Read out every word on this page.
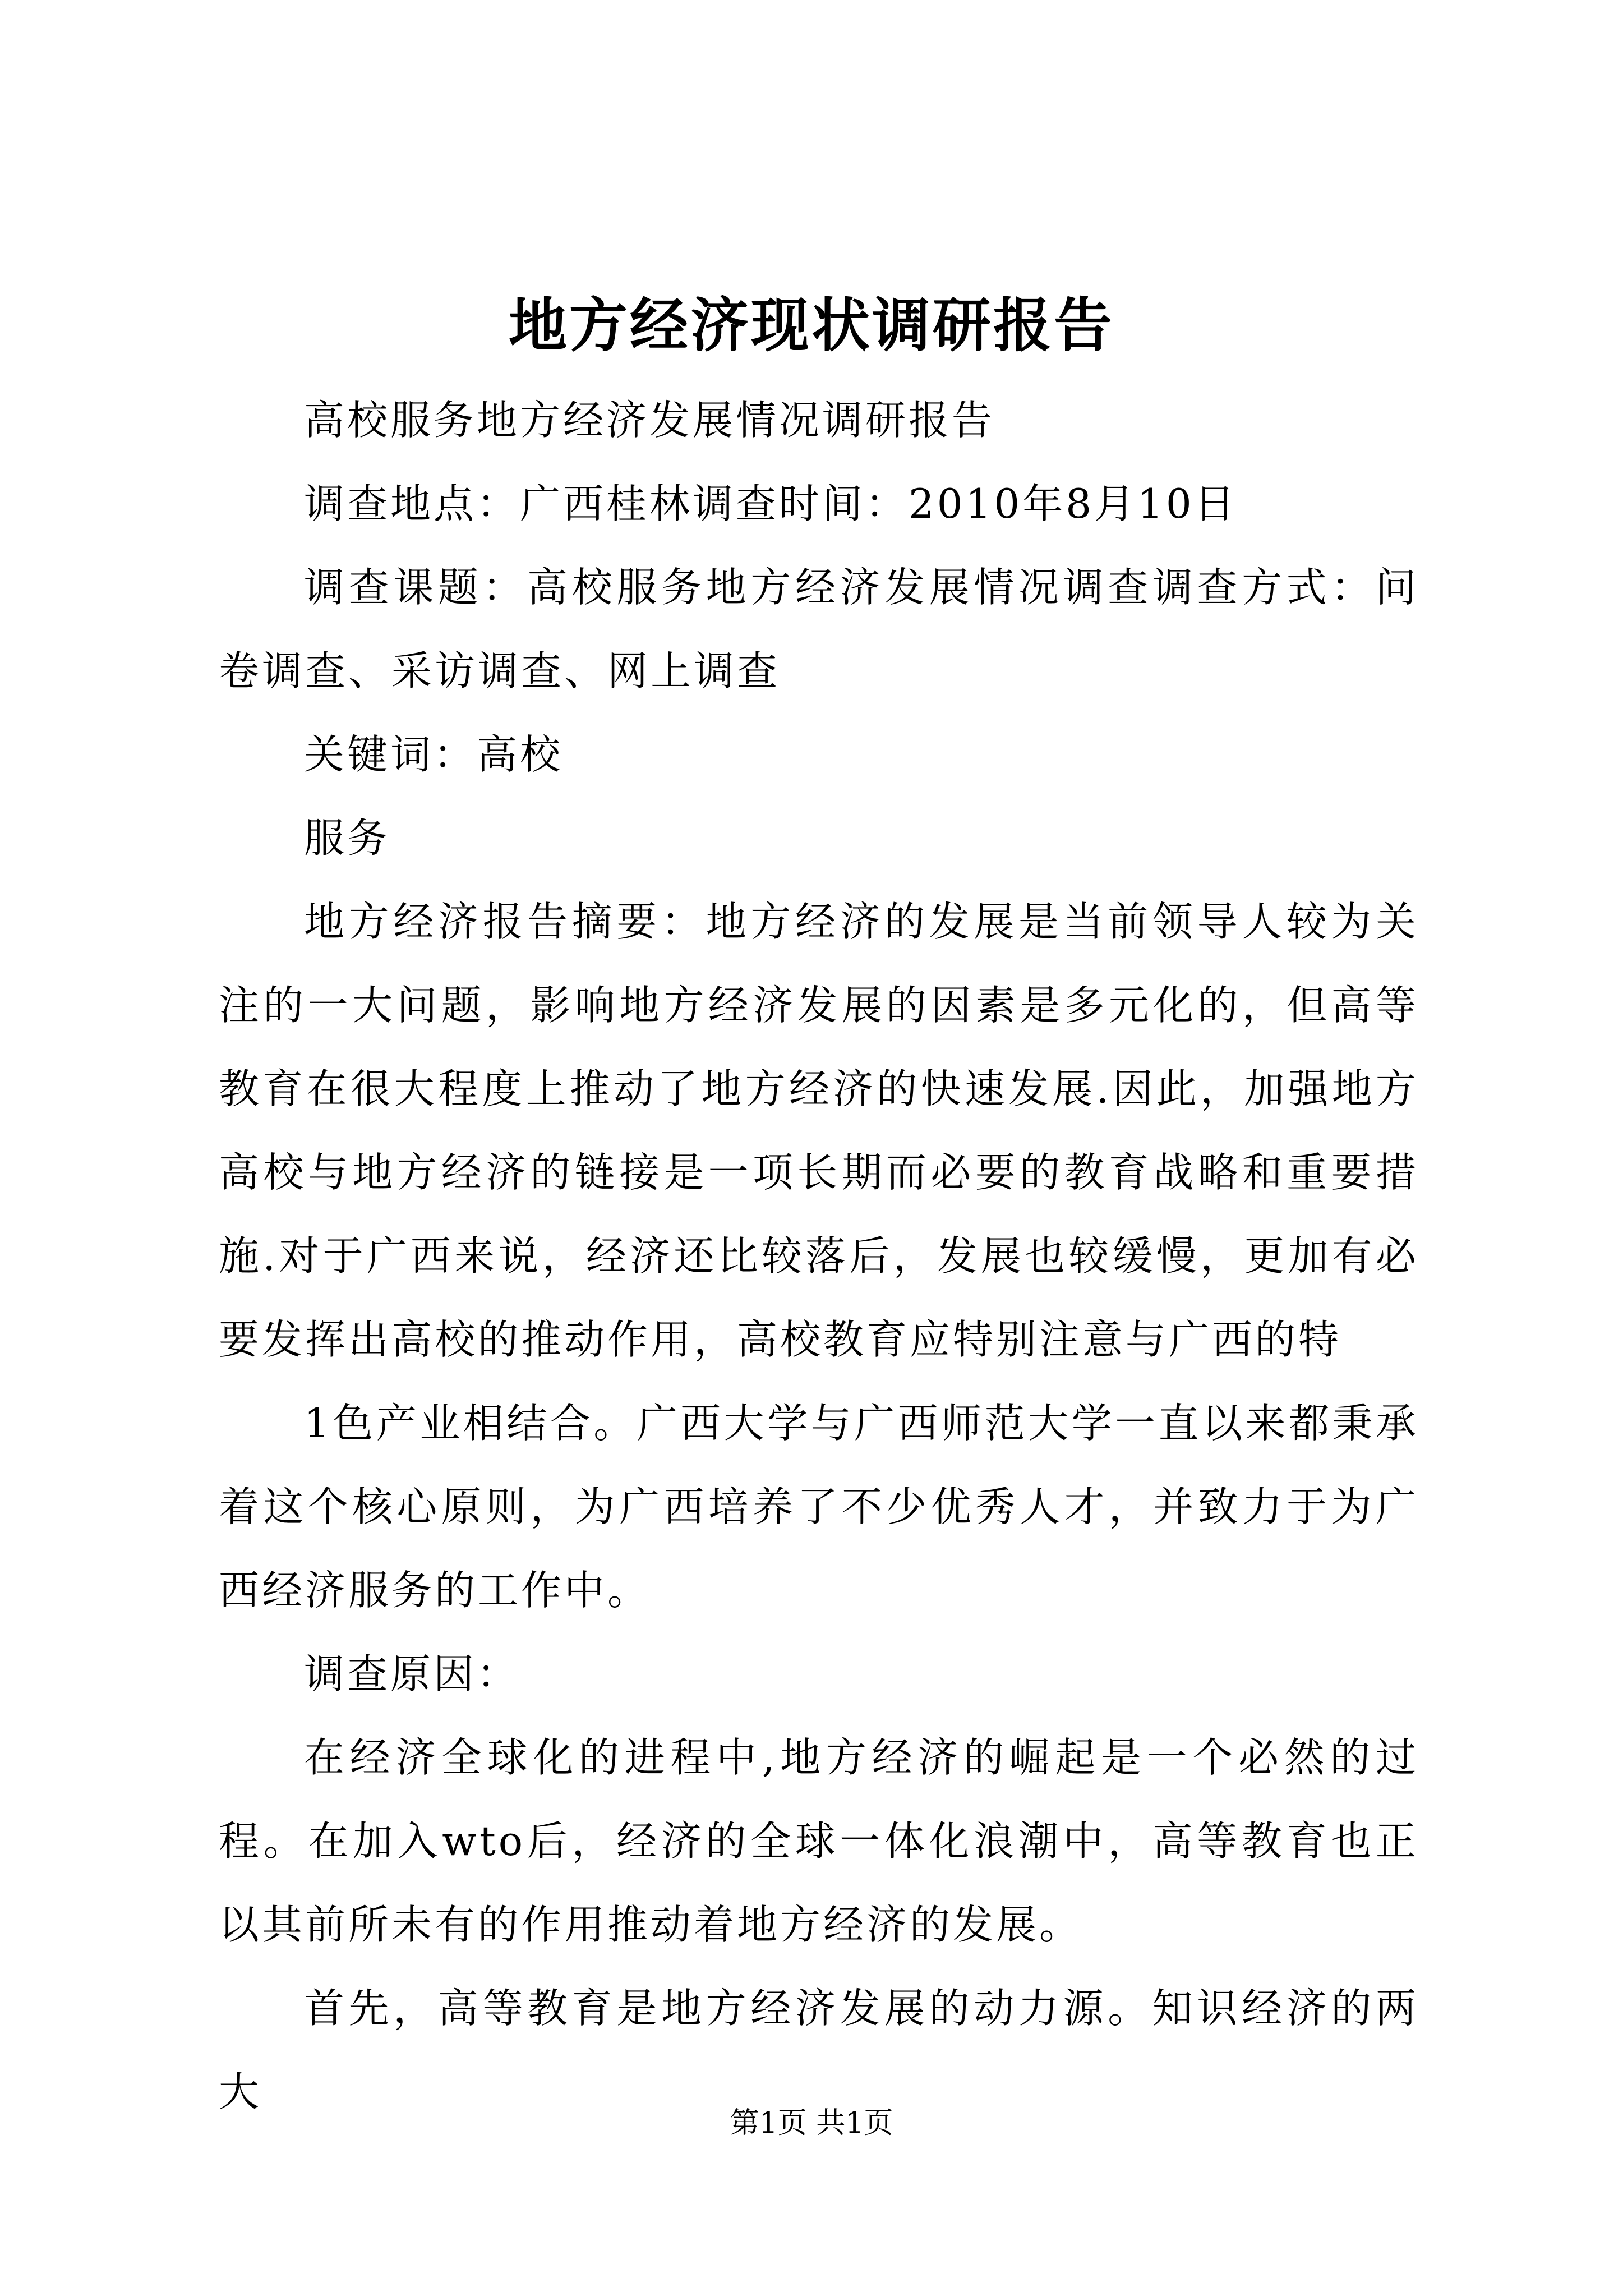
地方经济现状调研报告

高校服务地方经济发展情况调研报告

调查地点：广西桂林调查时间：2010年8月10日

调查课题：高校服务地方经济发展情况调查调查方式：问卷调查、采访调查、网上调查

关键词：高校

服务

地方经济报告摘要：地方经济的发展是当前领导人较为关注的一大问题，影响地方经济发展的因素是多元化的，但高等教育在很大程度上推动了地方经济的快速发展.因此，加强地方高校与地方经济的链接是一项长期而必要的教育战略和重要措施.对于广西来说，经济还比较落后，发展也较缓慢，更加有必要发挥出高校的推动作用，高校教育应特别注意与广西的特

1色产业相结合。广西大学与广西师范大学一直以来都秉承着这个核心原则，为广西培养了不少优秀人才，并致力于为广西经济服务的工作中。

调查原因：

在经济全球化的进程中,地方经济的崛起是一个必然的过程。在加入wto后，经济的全球一体化浪潮中，高等教育也正以其前所未有的作用推动着地方经济的发展。

首先，高等教育是地方经济发展的动力源。知识经济的两大

第1页 共1页
